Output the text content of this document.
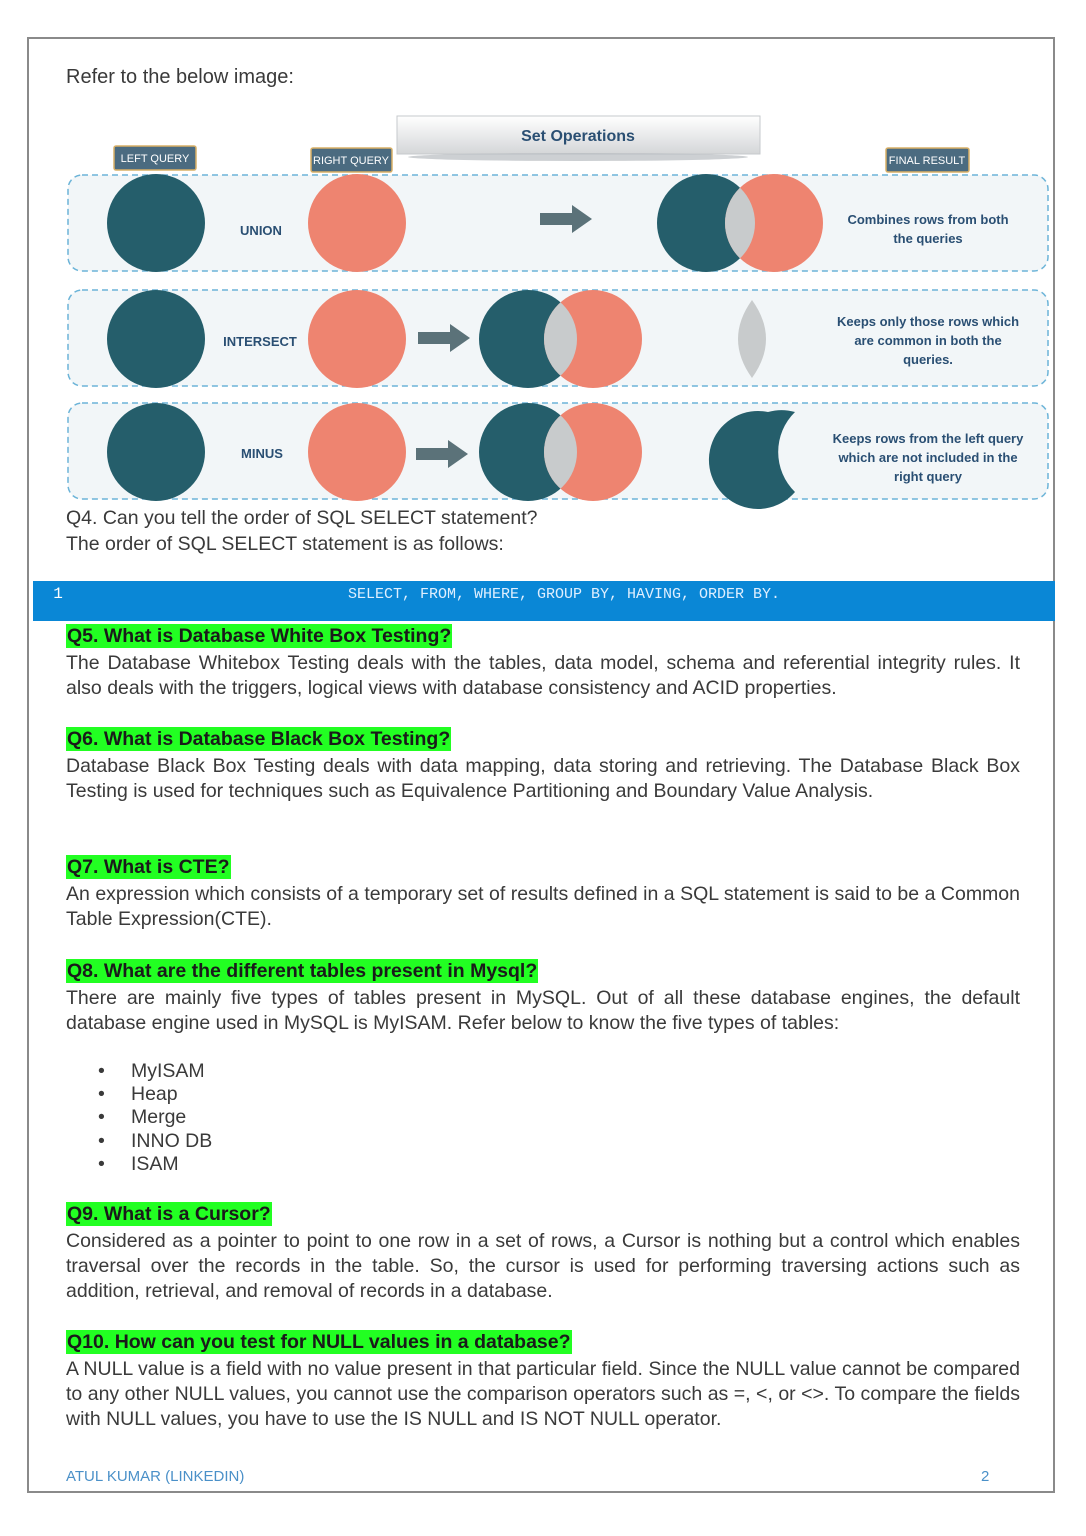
Refer to the below image:

Set Operations
LEFT QUERY	RIGHT QUERY	FINAL RESULT
UNION
Combines rows from both
the queries
INTERSECT
Keeps only those rows which
are common in both the
queries.
MINUS
Keeps rows from the left query
which are not included in the
right query

Q4. Can you tell the order of SQL SELECT statement?

The order of SQL SELECT statement is as follows:

1	SELECT, FROM, WHERE, GROUP BY, HAVING, ORDER BY.

Q5. What is Database White Box Testing?

The Database Whitebox Testing deals with the tables, data model, schema and referential integrity rules. It also deals with the triggers, logical views with database consistency and ACID properties.

Q6. What is Database Black Box Testing?

Database Black Box Testing deals with data mapping, data storing and retrieving. The Database Black Box Testing is used for techniques such as Equivalence Partitioning and Boundary Value Analysis.

Q7. What is CTE?

An expression which consists of a temporary set of results defined in a SQL statement is said to be a Common Table Expression(CTE).

Q8. What are the different tables present in Mysql?

There are mainly five types of tables present in MySQL. Out of all these database engines, the default database engine used in MySQL is MyISAM. Refer below to know the five types of tables:

• MyISAM
• Heap
• Merge
• INNO DB
• ISAM

Q9. What is a Cursor?

Considered as a pointer to point to one row in a set of rows, a Cursor is nothing but a control which enables traversal over the records in the table. So, the cursor is used for performing traversing actions such as addition, retrieval, and removal of records in a database.

Q10. How can you test for NULL values in a database?

A NULL value is a field with no value present in that particular field. Since the NULL value cannot be compared to any other NULL values, you cannot use the comparison operators such as =, <, or <>. To compare the fields with NULL values, you have to use the IS NULL and IS NOT NULL operator.

ATUL KUMAR (LINKEDIN)	2
